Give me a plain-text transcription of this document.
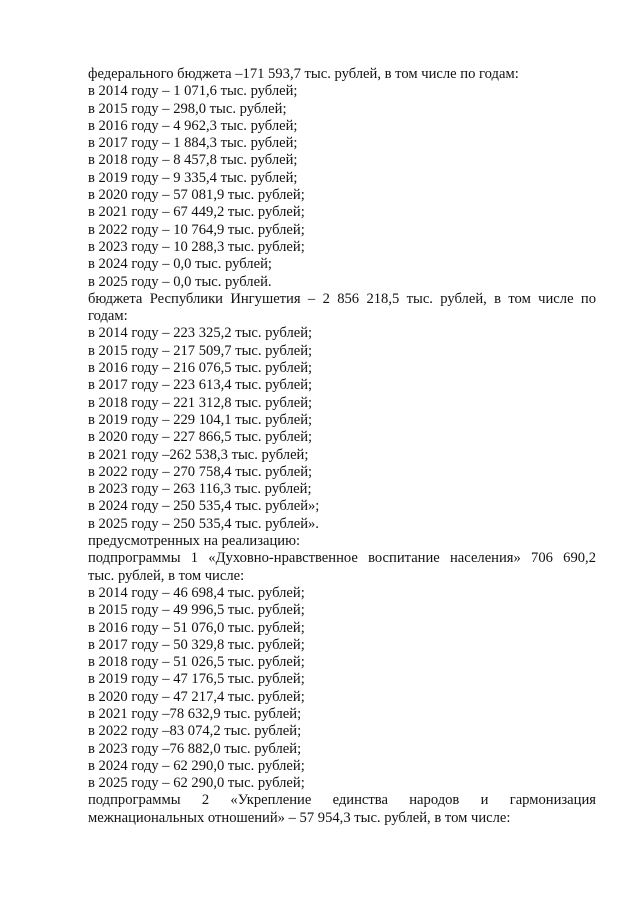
федерального бюджета –171 593,7 тыс. рублей, в том числе по годам:
в 2014 году – 1 071,6 тыс. рублей;
в 2015 году – 298,0 тыс. рублей;
в 2016 году – 4 962,3 тыс. рублей;
в 2017 году – 1 884,3 тыс. рублей;
в 2018 году – 8 457,8 тыс. рублей;
в 2019 году – 9 335,4 тыс. рублей;
в 2020 году – 57 081,9 тыс. рублей;
в 2021 году – 67 449,2 тыс. рублей;
в 2022 году – 10 764,9 тыс. рублей;
в 2023 году – 10 288,3 тыс. рублей;
в 2024 году – 0,0 тыс. рублей;
в 2025 году – 0,0 тыс. рублей.
бюджета Республики Ингушетия – 2 856 218,5 тыс. рублей, в том числе по
годам:
в 2014 году – 223 325,2 тыс. рублей;
в 2015 году – 217 509,7 тыс. рублей;
в 2016 году – 216 076,5 тыс. рублей;
в 2017 году – 223 613,4 тыс. рублей;
в 2018 году – 221 312,8 тыс. рублей;
в 2019 году – 229 104,1 тыс. рублей;
в 2020 году – 227 866,5 тыс. рублей;
в 2021 году –262 538,3 тыс. рублей;
в 2022 году – 270 758,4 тыс. рублей;
в 2023 году – 263 116,3 тыс. рублей;
в 2024 году – 250 535,4 тыс. рублей»;
в 2025 году – 250 535,4 тыс. рублей».
предусмотренных на реализацию:
подпрограммы 1 «Духовно-нравственное воспитание населения» 706 690,2
тыс. рублей, в том числе:
в 2014 году – 46 698,4 тыс. рублей;
в 2015 году – 49 996,5 тыс. рублей;
в 2016 году – 51 076,0 тыс. рублей;
в 2017 году – 50 329,8 тыс. рублей;
в 2018 году – 51 026,5 тыс. рублей;
в 2019 году – 47 176,5 тыс. рублей;
в 2020 году – 47 217,4 тыс. рублей;
в 2021 году –78 632,9 тыс. рублей;
в 2022 году –83 074,2 тыс. рублей;
в 2023 году –76 882,0 тыс. рублей;
в 2024 году – 62 290,0 тыс. рублей;
в 2025 году – 62 290,0 тыс. рублей;
подпрограммы 2 «Укрепление единства народов и гармонизация
межнациональных отношений» – 57 954,3 тыс. рублей, в том числе:
